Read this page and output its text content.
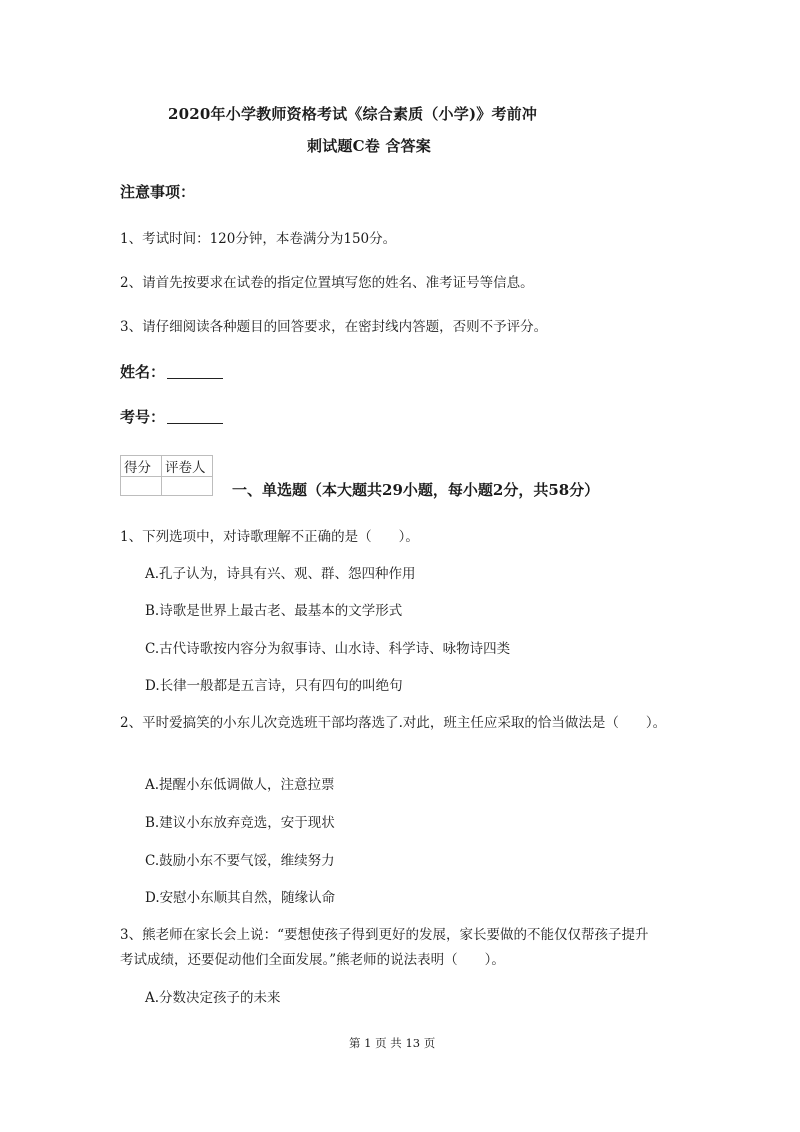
2020年小学教师资格考试《综合素质（小学)》考前冲
刺试题C卷 含答案
注意事项：
1、考试时间：120分钟，本卷满分为150分。
2、请首先按要求在试卷的指定位置填写您的姓名、准考证号等信息。
3、请仔细阅读各种题目的回答要求，在密封线内答题，否则不予评分。
姓名：
考号：
得分	评卷人

一、单选题（本大题共29小题，每小题2分，共58分）
1、下列选项中，对诗歌理解不正确的是（　　）。
A.孔子认为，诗具有兴、观、群、怨四种作用
B.诗歌是世界上最古老、最基本的文学形式
C.古代诗歌按内容分为叙事诗、山水诗、科学诗、咏物诗四类
D.长律一般都是五言诗，只有四句的叫绝句
2、平时爱搞笑的小东儿次竞选班干部均落选了.对此，班主任应采取的恰当做法是（　　）。
A.提醒小东低调做人，注意拉票
B.建议小东放弃竞选，安于现状
C.鼓励小东不要气馁，维续努力
D.安慰小东顺其自然，随缘认命
3、熊老师在家长会上说：“要想使孩子得到更好的发展，家长要做的不能仅仅帮孩子提升
考试成绩，还要促动他们全面发展。”熊老师的说法表明（　　）。
A.分数决定孩子的未来
第 1 页 共 13 页
